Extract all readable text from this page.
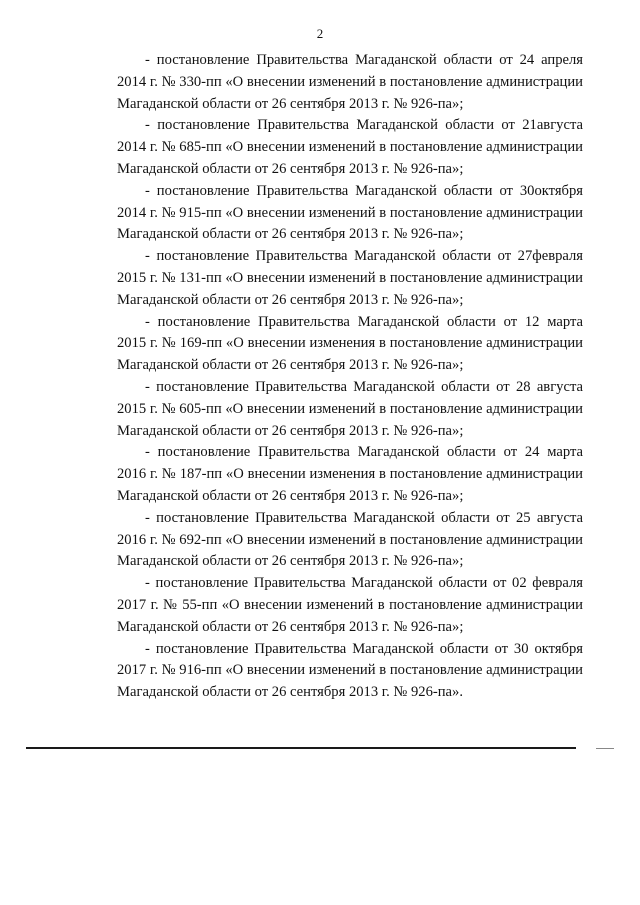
2

- постановление Правительства Магаданской области от 24 апреля 2014 г. № 330-пп «О внесении изменений в постановление администрации Магаданской области от 26 сентября 2013 г. № 926-па»;

- постановление Правительства Магаданской области от 21августа 2014 г. № 685-пп «О внесении изменений в постановление администрации Магаданской области от 26 сентября 2013 г. № 926-па»;

- постановление Правительства Магаданской области от 30октября 2014 г. № 915-пп «О внесении изменений в постановление администрации Магаданской области от 26 сентября 2013 г. № 926-па»;

- постановление Правительства Магаданской области от 27февраля 2015 г. № 131-пп «О внесении изменений в постановление администрации Магаданской области от 26 сентября 2013 г. № 926-па»;

- постановление Правительства Магаданской области от 12 марта 2015 г. № 169-пп «О внесении изменения в постановление администрации Магаданской области от 26 сентября 2013 г. № 926-па»;

- постановление Правительства Магаданской области от 28 августа 2015 г. № 605-пп «О внесении изменений в постановление администрации Магаданской области от 26 сентября 2013 г. № 926-па»;

- постановление Правительства Магаданской области от 24 марта 2016 г. № 187-пп «О внесении изменения в постановление администрации Магаданской области от 26 сентября 2013 г. № 926-па»;

- постановление Правительства Магаданской области от 25 августа 2016 г. № 692-пп «О внесении изменений в постановление администрации Магаданской области от 26 сентября 2013 г. № 926-па»;

- постановление Правительства Магаданской области от 02 февраля 2017 г. № 55-пп «О внесении изменений в постановление администрации Магаданской области от 26 сентября 2013 г. № 926-па»;

- постановление Правительства Магаданской области от 30 октября 2017 г. № 916-пп «О внесении изменений в постановление администрации Магаданской области от 26 сентября 2013 г. № 926-па».
